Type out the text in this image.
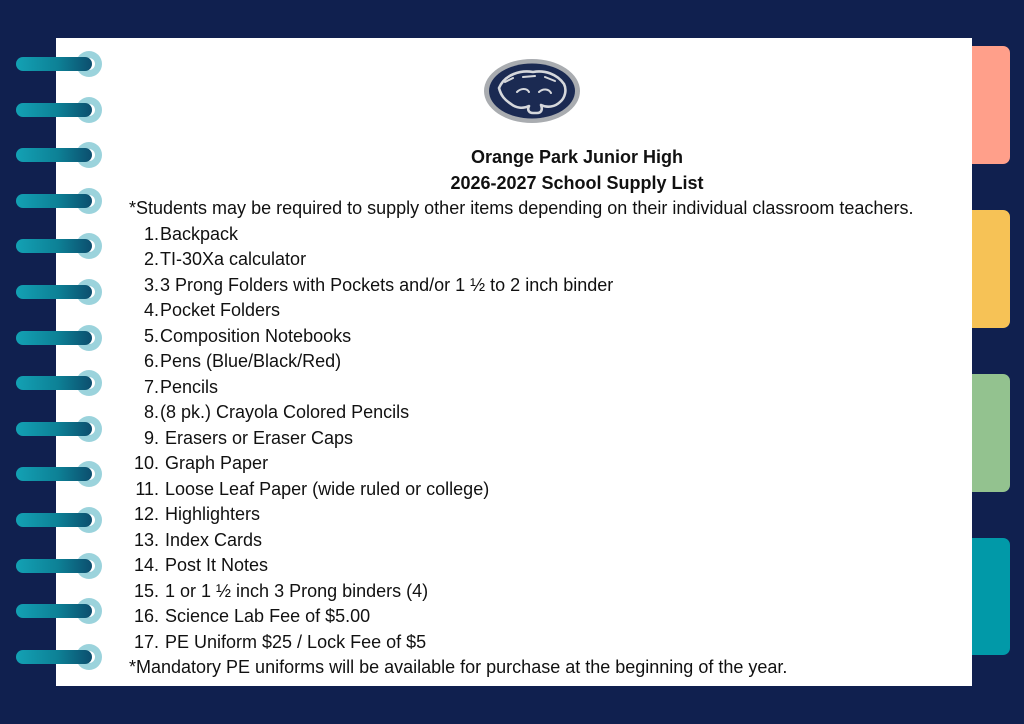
Orange Park Junior High
2026-2027 School Supply List
*Students may be required to supply other items depending on their individual classroom teachers.
1. Backpack
2. TI-30Xa calculator
3. 3 Prong Folders with Pockets and/or 1 ½ to 2 inch binder
4. Pocket Folders
5. Composition Notebooks
6. Pens (Blue/Black/Red)
7. Pencils
8. (8 pk.) Crayola Colored Pencils
9. Erasers or Eraser Caps
10. Graph Paper
11. Loose Leaf Paper (wide ruled or college)
12. Highlighters
13. Index Cards
14. Post It Notes
15. 1 or 1 ½ inch 3 Prong binders (4)
16. Science Lab Fee of $5.00
17. PE Uniform $25 / Lock Fee of $5
*Mandatory PE uniforms will be available for purchase at the beginning of the year.
